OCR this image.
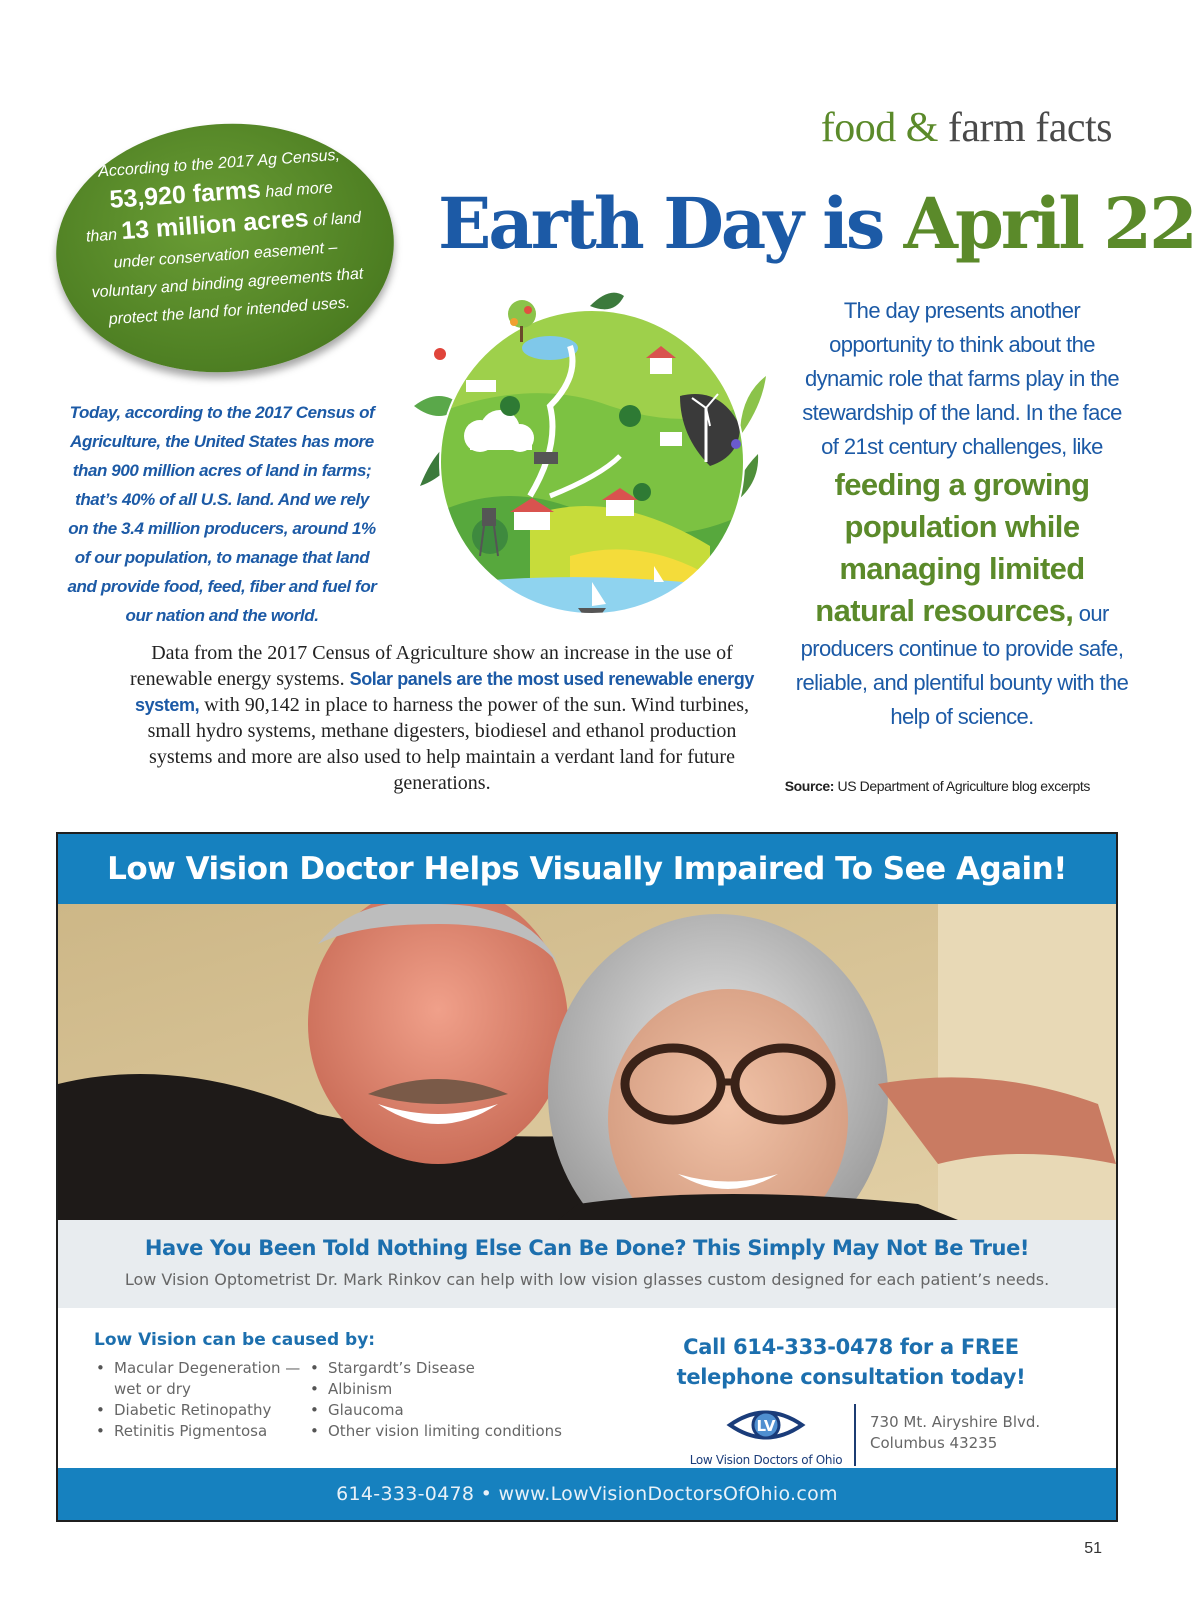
food & farm facts
According to the 2017 Ag Census,
53,920 farms had more
than 13 million acres of land under conservation easement – voluntary and binding agreements that protect the land for intended uses.
Earth Day is April 22
Today, according to the 2017 Census of Agriculture, the United States has more than 900 million acres of land in farms; that’s 40% of all U.S. land. And we rely on the 3.4 million producers, around 1% of our population, to manage that land and provide food, feed, fiber and fuel for our nation and the world.
The day presents another opportunity to think about the dynamic role that farms play in the stewardship of the land. In the face of 21st century challenges, like feeding a growing population while managing limited natural resources, our producers continue to provide safe, reliable, and plentiful bounty with the help of science.
Data from the 2017 Census of Agriculture show an increase in the use of renewable energy systems. Solar panels are the most used renewable energy system, with 90,142 in place to harness the power of the sun. Wind turbines, small hydro systems, methane digesters, biodiesel and ethanol production systems and more are also used to help maintain a verdant land for future generations.	Source: US Department of Agriculture blog excerpts
Low Vision Doctor Helps Visually Impaired To See Again!
Have You Been Told Nothing Else Can Be Done? This Simply May Not Be True!
Low Vision Optometrist Dr. Mark Rinkov can help with low vision glasses custom designed for each patient’s needs.
Low Vision can be caused by:
• Macular Degeneration —wet or dry
• Diabetic Retinopathy
• Retinitis Pigmentosa
• Stargardt’s Disease
• Albinism
• Glaucoma
• Other vision limiting conditions
Call 614-333-0478 for a FREE telephone consultation today!
LV
Low Vision Doctors of Ohio
730 Mt. Airyshire Blvd.
Columbus 43235
614-333-0478 • www.LowVisionDoctorsOfOhio.com
51
